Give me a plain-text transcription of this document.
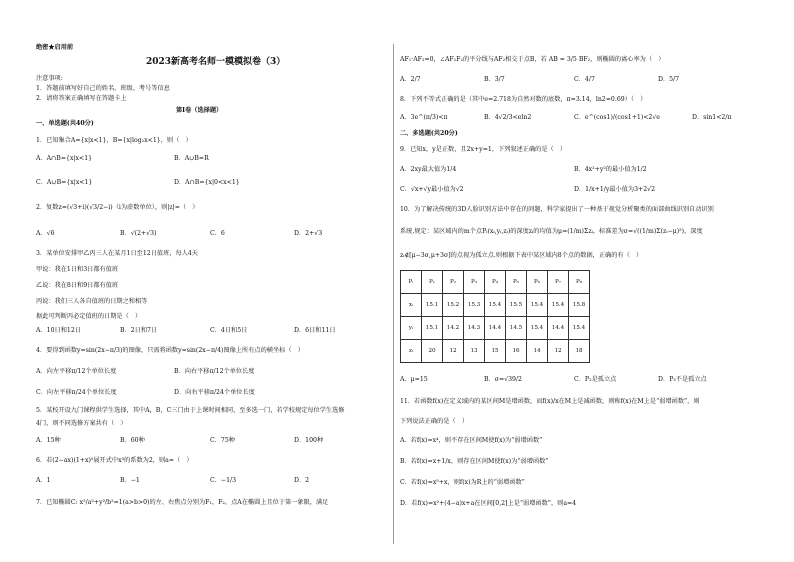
绝密★启用前
2023新高考名师一模模拟卷（3）
注意事项:
1．答题前填写好自己的姓名、班级、考号等信息
2．请将答案正确填写在答题卡上
第Ⅰ卷（选择题）
一、单选题(共40分)
1．已知集合A={x|x<1}，B={x|log₂x<1}，则（　）
A．A∩B={x|x<1}	B．A∪B=R
C．A∪B={x|x<1}	D．A∩B={x|0<x<1}
2．复数z=(√3+i)(√3/2−i)（i为虚数单位），则|z|=（　）
A．√6	B．√(2+√3)	C．6	D．2+√3
3．某单位安排甲乙丙三人在某月1日至12日值班，每人4天
甲说：我在1日和3日都有值班
乙说：我在8日和9日都有值班
丙说：我们三人各自值班的日期之和相等
据此可判断丙必定值班的日期是（　）
A．10日和12日	B．2日和7日	C．4日和5日	D．6日和11日
4．要得到函数y=sin(2x−π/3)的图像，只需将函数y=sin(2x−π/4)图像上所有点的横坐标（　）
A．向左平移π/12个单位长度	B．向右平移π/12个单位长度
C．向左平移π/24个单位长度	D．向右平移π/24个单位长度
5．某校开设九门课程供学生选择，其中A，B，C三门由于上课时间相同，至多选一门，若学校规定每位学生选修
4门，则不同选修方案共有（　）
A．15种	B．60种	C．75种	D．100种
6．若(2−ax)(1+x)⁵展开式中x³的系数为2，则a=（　）
A．1	B．−1	C．−1/3	D．2
7．已知椭圆C: x²/a²+y²/b²=1(a>b>0)的左、右焦点分别为F₁，F₂，点A在椭圆上且位于第一象限，满足
AF₁·AF₂=0，∠AF₁F₂的平分线与AF₂相交于点B，若 AB = 3/5 BF₂，则椭圆的离心率为（　）
A．2/7	B．3/7	C．4/7	D．5/7
8．下列不等式正确的是（其中e≈2.718为自然对数的底数，π≈3.14，ln2≈0.69）（　）
A．3e^(π/3)<π	B．4√2/3<eln2	C．e^(cos1)/(cos1+1)<2√e	D．sin1<2/π
二、多选题(共20分)
9．已知x，y是正数，且2x+y=1，下列叙述正确的是（　）
A．2xy最大值为1/4	B．4x²+y²的最小值为1/2
C．√x+√y最小值为√2	D．1/x+1/y最小值为3+2√2
10．为了解决传统的3D人脸识别方法中存在的问题，科学家提出了一种基于视觉分析聚类的面部曲线识别自动识别
系统.规定：某区域内的m个点Pᵢ(xᵢ,yᵢ,zᵢ)的深度zᵢ的均值为μ=(1/m)Σzᵢ，标准差为σ=√((1/m)Σ(zᵢ−μ)²)，深度
zᵢ∉[μ−3σ,μ+3σ]的点视为孤立点.则根据下表中某区域内8个点的数据，正确的有（　）
Pᵢ	P₁	P₂	P₃	P₄	P₅	P₆	P₇	P₈
xᵢ	15.1	15.2	15.3	15.4	15.5	15.4	15.4	15.8
yᵢ	15.1	14.2	14.3	14.4	14.5	15.4	14.4	15.4
zᵢ	20	12	13	15	16	14	12	18
A．μ=15	B．σ=√39/2	C．P₂是孤立点	D．P₃不是孤立点
11．若函数f(x)在定义域内的某区间M是增函数，而f(x)/x在M上是减函数，则称f(x)在M上是“弱增函数”，则
下列说法正确的是（　）
A．若f(x)=x⁴，则不存在区间M使f(x)为“弱增函数”
B．若f(x)=x+1/x，则存在区间M使f(x)为“弱增函数”
C．若f(x)=x⁵+x，则f(x)为R上的“弱增函数”
D．若f(x)=x²+(4−a)x+a在区间[0,2]上是“弱增函数”，则a=4
